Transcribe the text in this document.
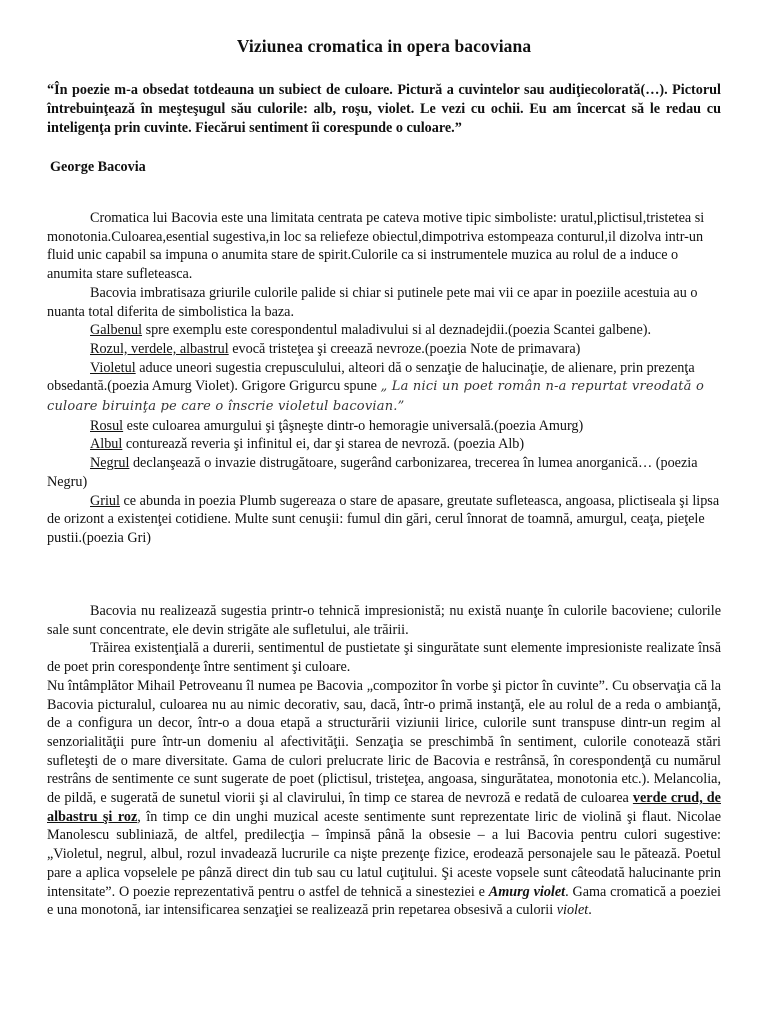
Viziunea cromatica in opera bacoviana

“În poezie m-a obsedat totdeauna un subiect de culoare. Pictură a cuvintelor sau audiţiecolorată(…). Pictorul întrebuinţează în meşteşugul său culorile: alb, roşu, violet. Le vezi cu ochii. Eu am încercat să le redau cu inteligenţa prin cuvinte. Fiecărui sentiment îi corespunde o culoare.”

George Bacovia

Cromatica lui Bacovia este una limitata centrata pe cateva motive tipic simboliste: uratul,plictisul,tristetea si monotonia.Culoarea,esential sugestiva,in loc sa reliefeze obiectul,dimpotriva estompeaza conturul,il dizolva intr-un fluid unic capabil sa impuna o anumita stare de spirit.Culorile ca si instrumentele muzica au rolul de a induce o anumita stare sufleteasca.

Bacovia imbratisaza griurile culorile palide si chiar si putinele pete mai vii ce apar in poeziile acestuia au o nuanta total diferita de simbolistica la baza.

Galbenul spre exemplu este corespondentul maladivului si al deznadejdii.(poezia Scantei galbene).

Rozul, verdele, albastrul evocă tristeţea şi creează nevroze.(poezia Note de primavara)

Violetul aduce uneori sugestia crepusculului, alteori dă o senzaţie de halucinaţie, de alienare, prin prezenţa obsedantă.(poezia Amurg Violet). Grigore Grigurcu spune „ La nici un poet român n-a repurtat vreodată o culoare biruinţa pe care o înscrie violetul bacovian.”

Rosul este culoarea amurgului şi ţâşneşte dintr-o hemoragie universală.(poezia Amurg)

Albul contureazǎ reveria şi infinitul ei, dar şi starea de nevroză. (poezia Alb)

Negrul declanşează o invazie distrugătoare, sugerând carbonizarea, trecerea în lumea anorganică… (poezia Negru)

Griul ce abunda in poezia Plumb sugereaza o stare de apasare, greutate sufleteasca, angoasa, plictiseala şi lipsa de orizont a existenţei cotidiene. Multe sunt cenuşii: fumul din gări, cerul înnorat de toamnă, amurgul, ceaţa, pieţele pustii.(poezia Gri)

Bacovia nu realizează sugestia printr-o tehnică impresionistă; nu există nuanţe în culorile bacoviene; culorile sale sunt concentrate, ele devin strigăte ale sufletului, ale trăirii.

Trăirea existenţială a durerii, sentimentul de pustietate şi singurătate sunt elemente impresioniste realizate însă de poet prin corespondenţe între sentiment şi culoare.

Nu întâmplător Mihail Petroveanu îl numea pe Bacovia „compozitor în vorbe şi pictor în cuvinte”. Cu observaţia că la Bacovia picturalul, culoarea nu au nimic decorativ, sau, dacă, într-o primă instanţă, ele au rolul de a reda o ambianţă, de a configura un decor, într-o a doua etapă a structurării viziunii lirice, culorile sunt transpuse dintr-un regim al senzorialităţii pure într-un domeniu al afectivităţii. Senzaţia se preschimbă în sentiment, culorile conotează stări sufleteşti de o mare diversitate. Gama de culori prelucrate liric de Bacovia e restrânsă, în corespondenţă cu numărul restrâns de sentimente ce sunt sugerate de poet (plictisul, tristeţea, angoasa, singurătatea, monotonia etc.). Melancolia, de pildă, e sugerată de sunetul viorii şi al clavirului, în timp ce starea de nevroză e redată de culoarea verde crud, de albastru şi roz, în timp ce din unghi muzical aceste sentimente sunt reprezentate liric de violină şi flaut. Nicolae Manolescu subliniază, de altfel, predilecţia – împinsă până la obsesie – a lui Bacovia pentru culori sugestive: „Violetul, negrul, albul, rozul invadează lucrurile ca nişte prezenţe fizice, erodează personajele sau le pătează. Poetul pare a aplica vopselele pe pânză direct din tub sau cu latul cuţitului. Şi aceste vopsele sunt câteodată halucinante prin intensitate”. O poezie reprezentativă pentru o astfel de tehnică a sinesteziei e Amurg violet. Gama cromatică a poeziei e una monotonă, iar intensificarea senzaţiei se realizează prin repetarea obsesivă a culorii violet.
